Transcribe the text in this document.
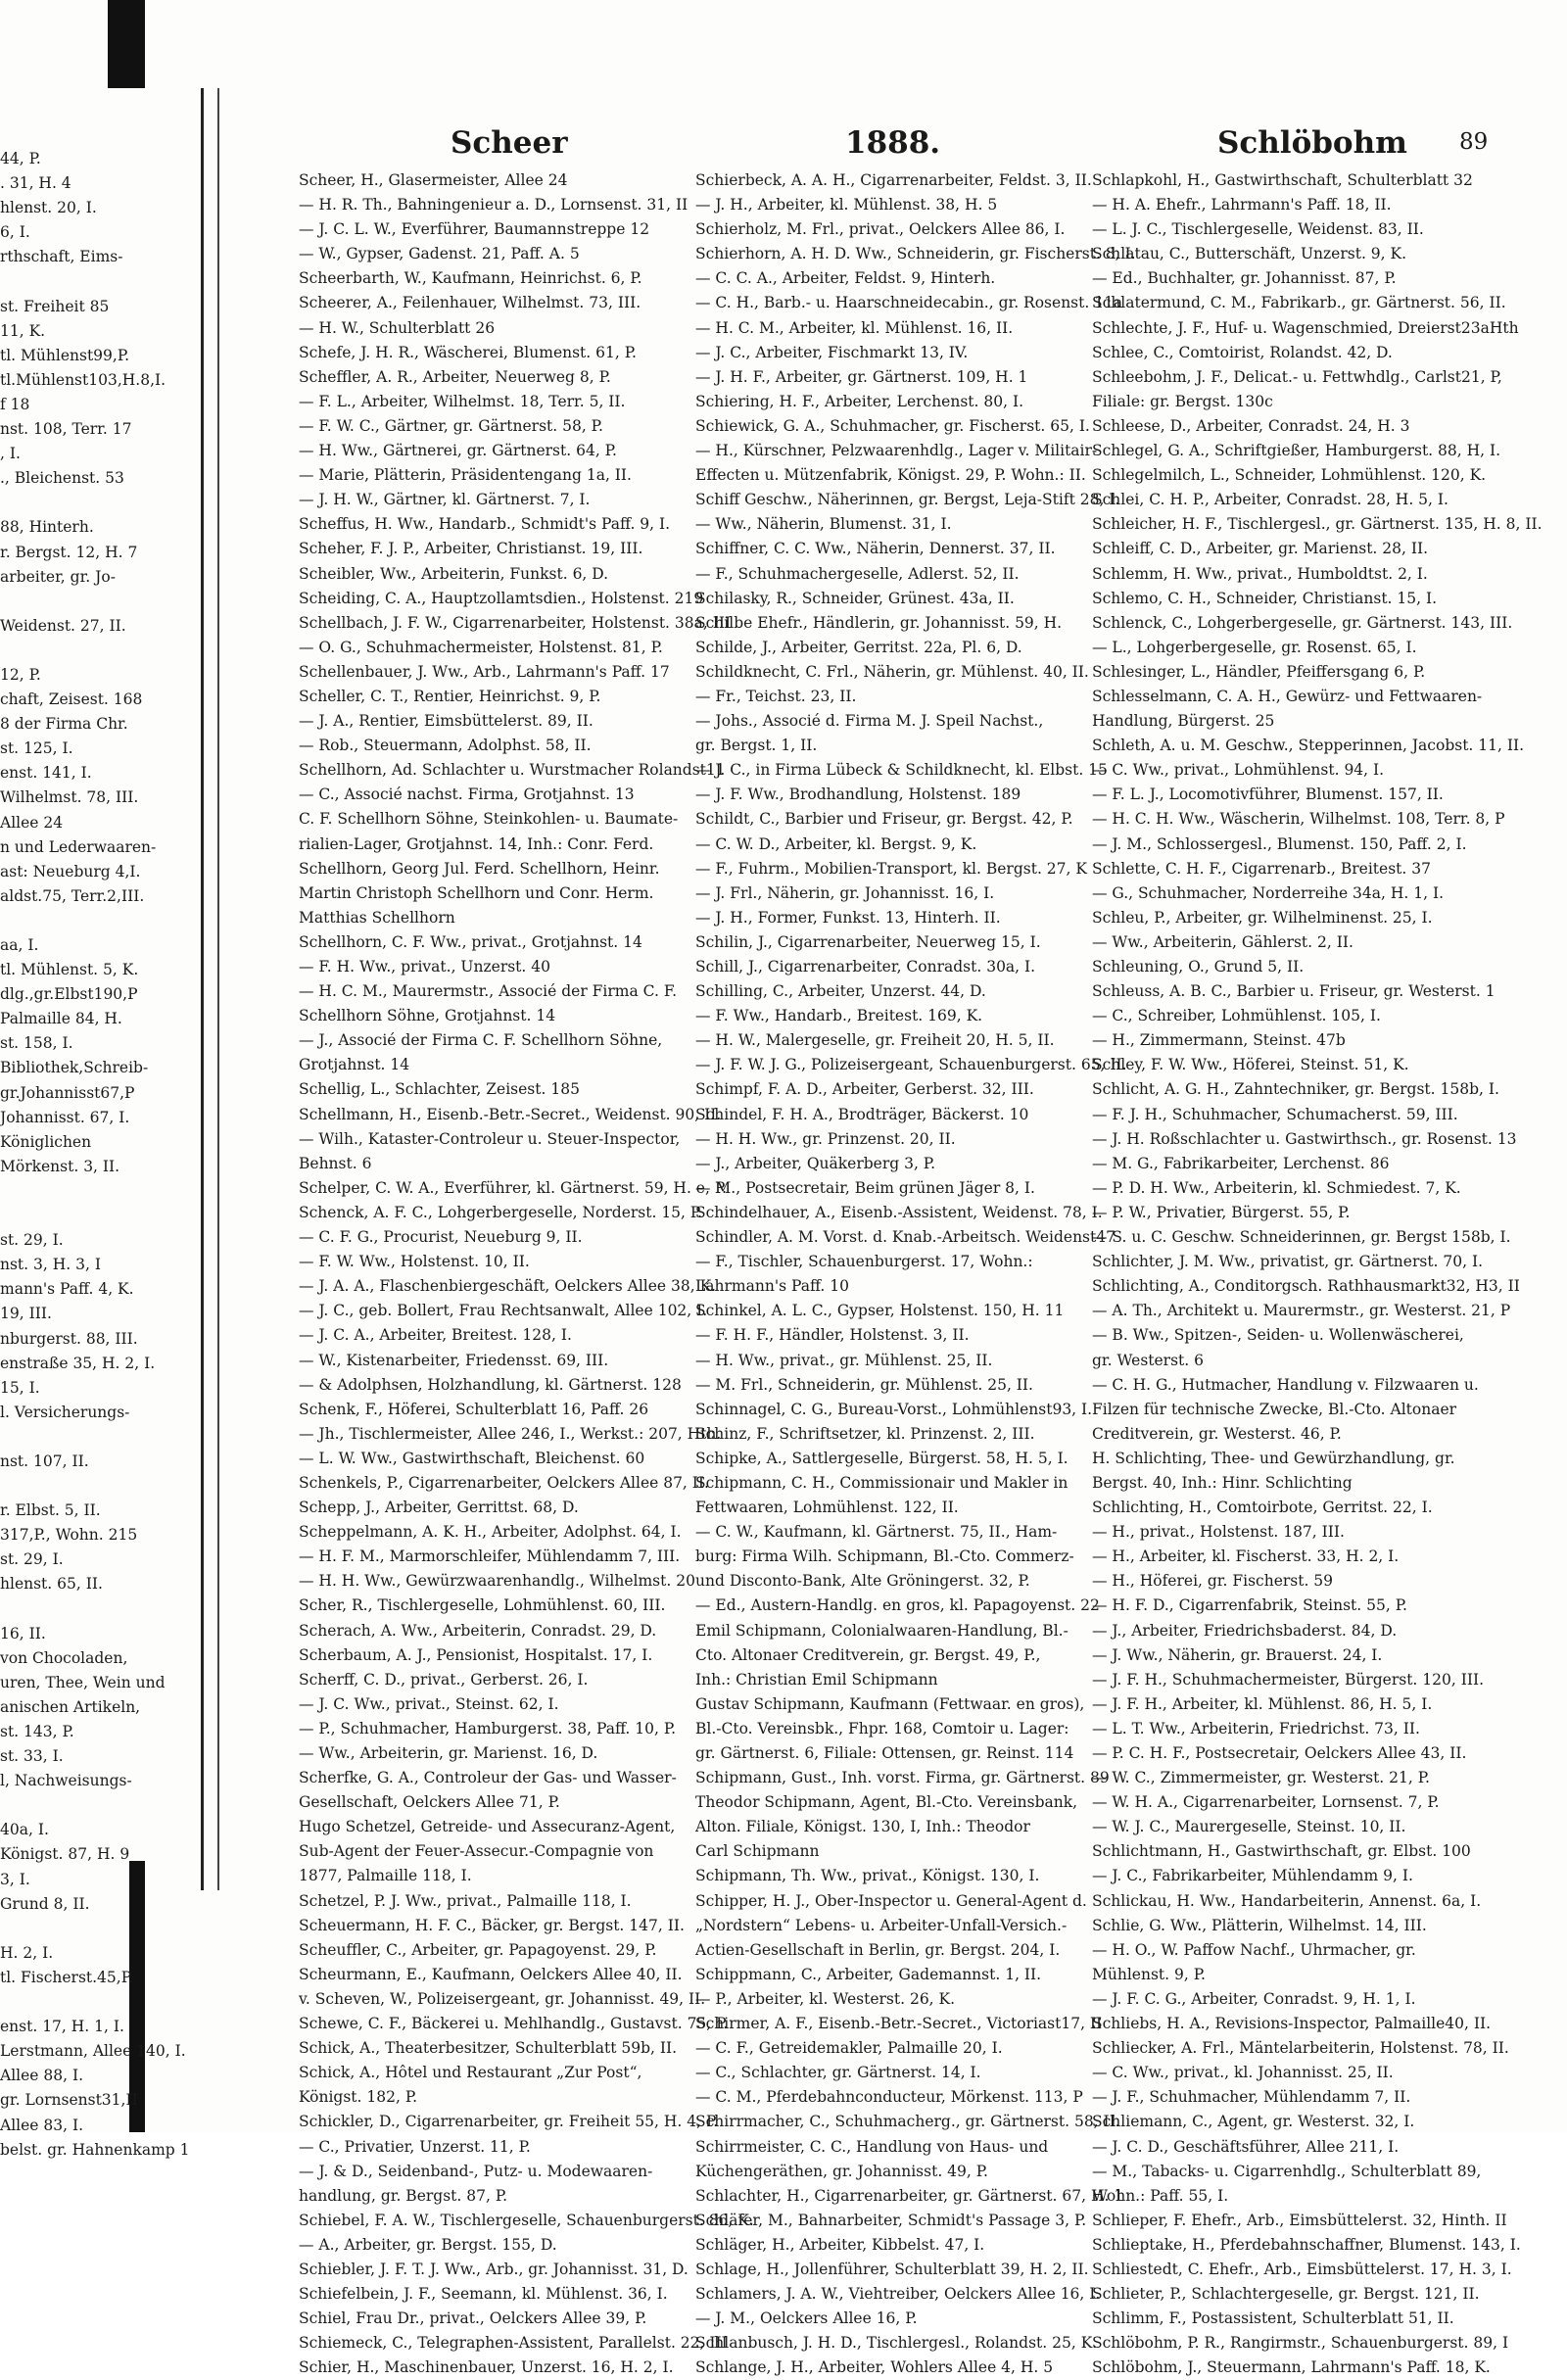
44, P.
. 31, H. 4
hlenst. 20, I.
6, I.
rthschaft, Eims-

st. Freiheit 85
11, K.
tl. Mühlenst99,P.
tl.Mühlenst103,H.8,I.
f 18
nst. 108, Terr. 17
, I.
., Bleichenst. 53

88, Hinterh.
r. Bergst. 12, H. 7
arbeiter, gr. Jo-

Weidenst. 27, II.

12, P.
chaft, Zeisest. 168
8 der Firma Chr.
st. 125, I.
enst. 141, I.
Wilhelmst. 78, III.
Allee 24
n und Lederwaaren-
ast: Neueburg 4,I.
aldst.75, Terr.2,III.

aa, I.
tl. Mühlenst. 5, K.
dlg.,gr.Elbst190,P
Palmaille 84, H.
st. 158, I.
Bibliothek,Schreib-
gr.Johannisst67,P
Johannisst. 67, I.
Königlichen
Mörkenst. 3, II.

st. 29, I.
nst. 3, H. 3, I
mann's Paff. 4, K.
19, III.
nburgerst. 88, III.
enstraße 35, H. 2, I.
15, I.
l. Versicherungs-

nst. 107, II.

r. Elbst. 5, II.
317,P., Wohn. 215
st. 29, I.
hlenst. 65, II.

16, II.
von Chocoladen,
uren, Thee, Wein und
anischen Artikeln,
st. 143, P.
st. 33, I.
l, Nachweisungs-

40a, I.
Königst. 87, H. 9
3, I.
Grund 8, II.

H. 2, I.
tl. Fischerst.45,P.

enst. 17, H. 1, I.
Lerstmann, Allee 140, I.
Allee 88, I.
gr. Lornsenst31,II
Allee 83, I.
belst. gr. Hahnenkamp 1
Scheer	1888.	Schlöbohm 89
Scheer, H., Glasermeister, Allee 24
— H. R. Th., Bahningenieur a. D., Lornsenst. 31, II
— J. C. L. W., Everführer, Baumannstreppe 12
— W., Gypser, Gadenst. 21, Paff. A. 5
Scheerbarth, W., Kaufmann, Heinrichst. 6, P.
Scheerer, A., Feilenhauer, Wilhelmst. 73, III.
— H. W., Schulterblatt 26
Schefe, J. H. R., Wäscherei, Blumenst. 61, P.
Scheffler, A. R., Arbeiter, Neuerweg 8, P.
— F. L., Arbeiter, Wilhelmst. 18, Terr. 5, II.
— F. W. C., Gärtner, gr. Gärtnerst. 58, P.
— H. Ww., Gärtnerei, gr. Gärtnerst. 64, P.
— Marie, Plätterin, Präsidentengang 1a, II.
— J. H. W., Gärtner, kl. Gärtnerst. 7, I.
Scheffus, H. Ww., Handarb., Schmidt's Paff. 9, I.
Scheher, F. J. P., Arbeiter, Christianst. 19, III.
Scheibler, Ww., Arbeiterin, Funkst. 6, D.
Scheiding, C. A., Hauptzollamtsdien., Holstenst. 219
Schellbach, J. F. W., Cigarrenarbeiter, Holstenst. 38a, III
— O. G., Schuhmachermeister, Holstenst. 81, P.
Schellenbauer, J. Ww., Arb., Lahrmann's Paff. 17
Scheller, C. T., Rentier, Heinrichst. 9, P.
— J. A., Rentier, Eimsbüttelerst. 89, II.
— Rob., Steuermann, Adolphst. 58, II.
Schellhorn, Ad. Schlachter u. Wurstmacher Rolandst11
— C., Associé nachst. Firma, Grotjahnst. 13
C. F. Schellhorn Söhne, Steinkohlen- u. Baumate-
rialien-Lager, Grotjahnst. 14, Inh.: Conr. Ferd.
Schellhorn, Georg Jul. Ferd. Schellhorn, Heinr.
Martin Christoph Schellhorn und Conr. Herm.
Matthias Schellhorn
Schellhorn, C. F. Ww., privat., Grotjahnst. 14
— F. H. Ww., privat., Unzerst. 40
— H. C. M., Maurermstr., Associé der Firma C. F.
Schellhorn Söhne, Grotjahnst. 14
— J., Associé der Firma C. F. Schellhorn Söhne,
Grotjahnst. 14
Schellig, L., Schlachter, Zeisest. 185
Schellmann, H., Eisenb.-Betr.-Secret., Weidenst. 90, II.
— Wilh., Kataster-Controleur u. Steuer-Inspector,
Behnst. 6
Schelper, C. W. A., Everführer, kl. Gärtnerst. 59, H. e, P.
Schenck, A. F. C., Lohgerbergeselle, Norderst. 15, P.
— C. F. G., Procurist, Neueburg 9, II.
— F. W. Ww., Holstenst. 10, II.
— J. A. A., Flaschenbiergeschäft, Oelckers Allee 38, K.
— J. C., geb. Bollert, Frau Rechtsanwalt, Allee 102, I.
— J. C. A., Arbeiter, Breitest. 128, I.
— W., Kistenarbeiter, Friedensst. 69, III.
— & Adolphsen, Holzhandlung, kl. Gärtnerst. 128
Schenk, F., Höferei, Schulterblatt 16, Paff. 26
— Jh., Tischlermeister, Allee 246, I., Werkst.: 207, Hth.
— L. W. Ww., Gastwirthschaft, Bleichenst. 60
Schenkels, P., Cigarrenarbeiter, Oelckers Allee 87, II.
Schepp, J., Arbeiter, Gerrittst. 68, D.
Scheppelmann, A. K. H., Arbeiter, Adolphst. 64, I.
— H. F. M., Marmorschleifer, Mühlendamm 7, III.
— H. H. Ww., Gewürzwaarenhandlg., Wilhelmst. 20
Scher, R., Tischlergeselle, Lohmühlenst. 60, III.
Scherach, A. Ww., Arbeiterin, Conradst. 29, D.
Scherbaum, A. J., Pensionist, Hospitalst. 17, I.
Scherff, C. D., privat., Gerberst. 26, I.
— J. C. Ww., privat., Steinst. 62, I.
— P., Schuhmacher, Hamburgerst. 38, Paff. 10, P.
— Ww., Arbeiterin, gr. Marienst. 16, D.
Scherfke, G. A., Controleur der Gas- und Wasser-
Gesellschaft, Oelckers Allee 71, P.
Hugo Schetzel, Getreide- und Assecuranz-Agent,
Sub-Agent der Feuer-Assecur.-Compagnie von
1877, Palmaille 118, I.
Schetzel, P. J. Ww., privat., Palmaille 118, I.
Scheuermann, H. F. C., Bäcker, gr. Bergst. 147, II.
Scheuffler, C., Arbeiter, gr. Papagoyenst. 29, P.
Scheurmann, E., Kaufmann, Oelckers Allee 40, II.
v. Scheven, W., Polizeisergeant, gr. Johannisst. 49, II.
Schewe, C. F., Bäckerei u. Mehlhandlg., Gustavst. 75, P.
Schick, A., Theaterbesitzer, Schulterblatt 59b, II.
Schick, A., Hôtel und Restaurant „Zur Post“,
Königst. 182, P.
Schickler, D., Cigarrenarbeiter, gr. Freiheit 55, H. 4, P.
— C., Privatier, Unzerst. 11, P.
— J. & D., Seidenband-, Putz- u. Modewaaren-
handlung, gr. Bergst. 87, P.
Schiebel, F. A. W., Tischlergeselle, Schauenburgerst. 86, K.
— A., Arbeiter, gr. Bergst. 155, D.
Schiebler, J. F. T. J. Ww., Arb., gr. Johannisst. 31, D.
Schiefelbein, J. F., Seemann, kl. Mühlenst. 36, I.
Schiel, Frau Dr., privat., Oelckers Allee 39, P.
Schiemeck, C., Telegraphen-Assistent, Parallelst. 22, III
Schier, H., Maschinenbauer, Unzerst. 16, H. 2, I.
Schierbeck, A. A. H., Cigarrenarbeiter, Feldst. 3, II.
— J. H., Arbeiter, kl. Mühlenst. 38, H. 5
Schierholz, M. Frl., privat., Oelckers Allee 86, I.
Schierhorn, A. H. D. Ww., Schneiderin, gr. Fischerst. 8, I.
— C. C. A., Arbeiter, Feldst. 9, Hinterh.
— C. H., Barb.- u. Haarschneidecabin., gr. Rosenst. 11a
— H. C. M., Arbeiter, kl. Mühlenst. 16, II.
— J. C., Arbeiter, Fischmarkt 13, IV.
— J. H. F., Arbeiter, gr. Gärtnerst. 109, H. 1
Schiering, H. F., Arbeiter, Lerchenst. 80, I.
Schiewick, G. A., Schuhmacher, gr. Fischerst. 65, I.
— H., Kürschner, Pelzwaarenhdlg., Lager v. Militair-
Effecten u. Mützenfabrik, Königst. 29, P. Wohn.: II.
Schiff Geschw., Näherinnen, gr. Bergst, Leja-Stift 28, I.
— Ww., Näherin, Blumenst. 31, I.
Schiffner, C. C. Ww., Näherin, Dennerst. 37, II.
— F., Schuhmachergeselle, Adlerst. 52, II.
Schilasky, R., Schneider, Grünest. 43a, II.
Schilbe Ehefr., Händlerin, gr. Johannisst. 59, H.
Schilde, J., Arbeiter, Gerritst. 22a, Pl. 6, D.
Schildknecht, C. Frl., Näherin, gr. Mühlenst. 40, II.
— Fr., Teichst. 23, II.
— Johs., Associé d. Firma M. J. Speil Nachst.,
gr. Bergst. 1, II.
— J. C., in Firma Lübeck & Schildknecht, kl. Elbst. 15
— J. F. Ww., Brodhandlung, Holstenst. 189
Schildt, C., Barbier und Friseur, gr. Bergst. 42, P.
— C. W. D., Arbeiter, kl. Bergst. 9, K.
— F., Fuhrm., Mobilien-Transport, kl. Bergst. 27, K
— J. Frl., Näherin, gr. Johannisst. 16, I.
— J. H., Former, Funkst. 13, Hinterh. II.
Schilin, J., Cigarrenarbeiter, Neuerweg 15, I.
Schill, J., Cigarrenarbeiter, Conradst. 30a, I.
Schilling, C., Arbeiter, Unzerst. 44, D.
— F. Ww., Handarb., Breitest. 169, K.
— H. W., Malergeselle, gr. Freiheit 20, H. 5, II.
— J. F. W. J. G., Polizeisergeant, Schauenburgerst. 65, II.
Schimpf, F. A. D., Arbeiter, Gerberst. 32, III.
Schindel, F. H. A., Brodträger, Bäckerst. 10
— H. H. Ww., gr. Prinzenst. 20, II.
— J., Arbeiter, Quäkerberg 3, P.
— M., Postsecretair, Beim grünen Jäger 8, I.
Schindelhauer, A., Eisenb.-Assistent, Weidenst. 78, I.
Schindler, A. M. Vorst. d. Knab.-Arbeitsch. Weidenst47
— F., Tischler, Schauenburgerst. 17, Wohn.:
Lahrmann's Paff. 10
Schinkel, A. L. C., Gypser, Holstenst. 150, H. 11
— F. H. F., Händler, Holstenst. 3, II.
— H. Ww., privat., gr. Mühlenst. 25, II.
— M. Frl., Schneiderin, gr. Mühlenst. 25, II.
Schinnagel, C. G., Bureau-Vorst., Lohmühlenst93, I.
Schinz, F., Schriftsetzer, kl. Prinzenst. 2, III.
Schipke, A., Sattlergeselle, Bürgerst. 58, H. 5, I.
Schipmann, C. H., Commissionair und Makler in
Fettwaaren, Lohmühlenst. 122, II.
— C. W., Kaufmann, kl. Gärtnerst. 75, II., Ham-
burg: Firma Wilh. Schipmann, Bl.-Cto. Commerz-
und Disconto-Bank, Alte Gröningerst. 32, P.
— Ed., Austern-Handlg. en gros, kl. Papagoyenst. 22
Emil Schipmann, Colonialwaaren-Handlung, Bl.-
Cto. Altonaer Creditverein, gr. Bergst. 49, P.,
Inh.: Christian Emil Schipmann
Gustav Schipmann, Kaufmann (Fettwaar. en gros),
Bl.-Cto. Vereinsbk., Fhpr. 168, Comtoir u. Lager:
gr. Gärtnerst. 6, Filiale: Ottensen, gr. Reinst. 114
Schipmann, Gust., Inh. vorst. Firma, gr. Gärtnerst. 89
Theodor Schipmann, Agent, Bl.-Cto. Vereinsbank,
Alton. Filiale, Königst. 130, I, Inh.: Theodor
Carl Schipmann
Schipmann, Th. Ww., privat., Königst. 130, I.
Schipper, H. J., Ober-Inspector u. General-Agent d.
„Nordstern“ Lebens- u. Arbeiter-Unfall-Versich.-
Actien-Gesellschaft in Berlin, gr. Bergst. 204, I.
Schippmann, C., Arbeiter, Gademannst. 1, II.
— P., Arbeiter, kl. Westerst. 26, K.
Schirmer, A. F., Eisenb.-Betr.-Secret., Victoriast17, II
— C. F., Getreidemakler, Palmaille 20, I.
— C., Schlachter, gr. Gärtnerst. 14, I.
— C. M., Pferdebahnconducteur, Mörkenst. 113, P
Schirrmacher, C., Schuhmacherg., gr. Gärtnerst. 58, II.
Schirrmeister, C. C., Handlung von Haus- und
Küchengeräthen, gr. Johannisst. 49, P.
Schlachter, H., Cigarrenarbeiter, gr. Gärtnerst. 67, H. 1
Schläfer, M., Bahnarbeiter, Schmidt's Passage 3, P.
Schläger, H., Arbeiter, Kibbelst. 47, I.
Schlage, H., Jollenführer, Schulterblatt 39, H. 2, II.
Schlamers, J. A. W., Viehtreiber, Oelckers Allee 16, I.
— J. M., Oelckers Allee 16, P.
Schlanbusch, J. H. D., Tischlergesl., Rolandst. 25, K.
Schlange, J. H., Arbeiter, Wohlers Allee 4, H. 5
Schlapkohl, H., Gastwirthschaft, Schulterblatt 32
— H. A. Ehefr., Lahrmann's Paff. 18, II.
— L. J. C., Tischlergeselle, Weidenst. 83, II.
Schlatau, C., Butterschäft, Unzerst. 9, K.
— Ed., Buchhalter, gr. Johannisst. 87, P.
Schlatermund, C. M., Fabrikarb., gr. Gärtnerst. 56, II.
Schlechte, J. F., Huf- u. Wagenschmied, Dreierst23aHth
Schlee, C., Comtoirist, Rolandst. 42, D.
Schleebohm, J. F., Delicat.- u. Fettwhdlg., Carlst21, P,
Filiale: gr. Bergst. 130c
Schleese, D., Arbeiter, Conradst. 24, H. 3
Schlegel, G. A., Schriftgießer, Hamburgerst. 88, H, I.
Schlegelmilch, L., Schneider, Lohmühlenst. 120, K.
Schlei, C. H. P., Arbeiter, Conradst. 28, H. 5, I.
Schleicher, H. F., Tischlergesl., gr. Gärtnerst. 135, H. 8, II.
Schleiff, C. D., Arbeiter, gr. Marienst. 28, II.
Schlemm, H. Ww., privat., Humboldtst. 2, I.
Schlemo, C. H., Schneider, Christianst. 15, I.
Schlenck, C., Lohgerbergeselle, gr. Gärtnerst. 143, III.
— L., Lohgerbergeselle, gr. Rosenst. 65, I.
Schlesinger, L., Händler, Pfeiffersgang 6, P.
Schlesselmann, C. A. H., Gewürz- und Fettwaaren-
Handlung, Bürgerst. 25
Schleth, A. u. M. Geschw., Stepperinnen, Jacobst. 11, II.
— C. Ww., privat., Lohmühlenst. 94, I.
— F. L. J., Locomotivführer, Blumenst. 157, II.
— H. C. H. Ww., Wäscherin, Wilhelmst. 108, Terr. 8, P
— J. M., Schlossergesl., Blumenst. 150, Paff. 2, I.
Schlette, C. H. F., Cigarrenarb., Breitest. 37
— G., Schuhmacher, Norderreihe 34a, H. 1, I.
Schleu, P., Arbeiter, gr. Wilhelminenst. 25, I.
— Ww., Arbeiterin, Gählerst. 2, II.
Schleuning, O., Grund 5, II.
Schleuss, A. B. C., Barbier u. Friseur, gr. Westerst. 1
— C., Schreiber, Lohmühlenst. 105, I.
— H., Zimmermann, Steinst. 47b
Schley, F. W. Ww., Höferei, Steinst. 51, K.
Schlicht, A. G. H., Zahntechniker, gr. Bergst. 158b, I.
— F. J. H., Schuhmacher, Schumacherst. 59, III.
— J. H. Roßschlachter u. Gastwirthsch., gr. Rosenst. 13
— M. G., Fabrikarbeiter, Lerchenst. 86
— P. D. H. Ww., Arbeiterin, kl. Schmiedest. 7, K.
— P. W., Privatier, Bürgerst. 55, P.
— S. u. C. Geschw. Schneiderinnen, gr. Bergst 158b, I.
Schlichter, J. M. Ww., privatist, gr. Gärtnerst. 70, I.
Schlichting, A., Conditorgsch. Rathhausmarkt32, H3, II
— A. Th., Architekt u. Maurermstr., gr. Westerst. 21, P
— B. Ww., Spitzen-, Seiden- u. Wollenwäscherei,
gr. Westerst. 6
— C. H. G., Hutmacher, Handlung v. Filzwaaren u.
Filzen für technische Zwecke, Bl.-Cto. Altonaer
Creditverein, gr. Westerst. 46, P.
H. Schlichting, Thee- und Gewürzhandlung, gr.
Bergst. 40, Inh.: Hinr. Schlichting
Schlichting, H., Comtoirbote, Gerritst. 22, I.
— H., privat., Holstenst. 187, III.
— H., Arbeiter, kl. Fischerst. 33, H. 2, I.
— H., Höferei, gr. Fischerst. 59
— H. F. D., Cigarrenfabrik, Steinst. 55, P.
— J., Arbeiter, Friedrichsbaderst. 84, D.
— J. Ww., Näherin, gr. Brauerst. 24, I.
— J. F. H., Schuhmachermeister, Bürgerst. 120, III.
— J. F. H., Arbeiter, kl. Mühlenst. 86, H. 5, I.
— L. T. Ww., Arbeiterin, Friedrichst. 73, II.
— P. C. H. F., Postsecretair, Oelckers Allee 43, II.
— W. C., Zimmermeister, gr. Westerst. 21, P.
— W. H. A., Cigarrenarbeiter, Lornsenst. 7, P.
— W. J. C., Maurergeselle, Steinst. 10, II.
Schlichtmann, H., Gastwirthschaft, gr. Elbst. 100
— J. C., Fabrikarbeiter, Mühlendamm 9, I.
Schlickau, H. Ww., Handarbeiterin, Annenst. 6a, I.
Schlie, G. Ww., Plätterin, Wilhelmst. 14, III.
— H. O., W. Paffow Nachf., Uhrmacher, gr.
Mühlenst. 9, P.
— J. F. C. G., Arbeiter, Conradst. 9, H. 1, I.
Schliebs, H. A., Revisions-Inspector, Palmaille40, II.
Schliecker, A. Frl., Mäntelarbeiterin, Holstenst. 78, II.
— C. Ww., privat., kl. Johannisst. 25, II.
— J. F., Schuhmacher, Mühlendamm 7, II.
Schliemann, C., Agent, gr. Westerst. 32, I.
— J. C. D., Geschäftsführer, Allee 211, I.
— M., Tabacks- u. Cigarrenhdlg., Schulterblatt 89,
Wohn.: Paff. 55, I.
Schlieper, F. Ehefr., Arb., Eimsbüttelerst. 32, Hinth. II
Schlieptake, H., Pferdebahnschaffner, Blumenst. 143, I.
Schliestedt, C. Ehefr., Arb., Eimsbüttelerst. 17, H. 3, I.
Schlieter, P., Schlachtergeselle, gr. Bergst. 121, II.
Schlimm, F., Postassistent, Schulterblatt 51, II.
Schlöbohm, P. R., Rangirmstr., Schauenburgerst. 89, I
Schlöbohm, J., Steuermann, Lahrmann's Paff. 18, K.
